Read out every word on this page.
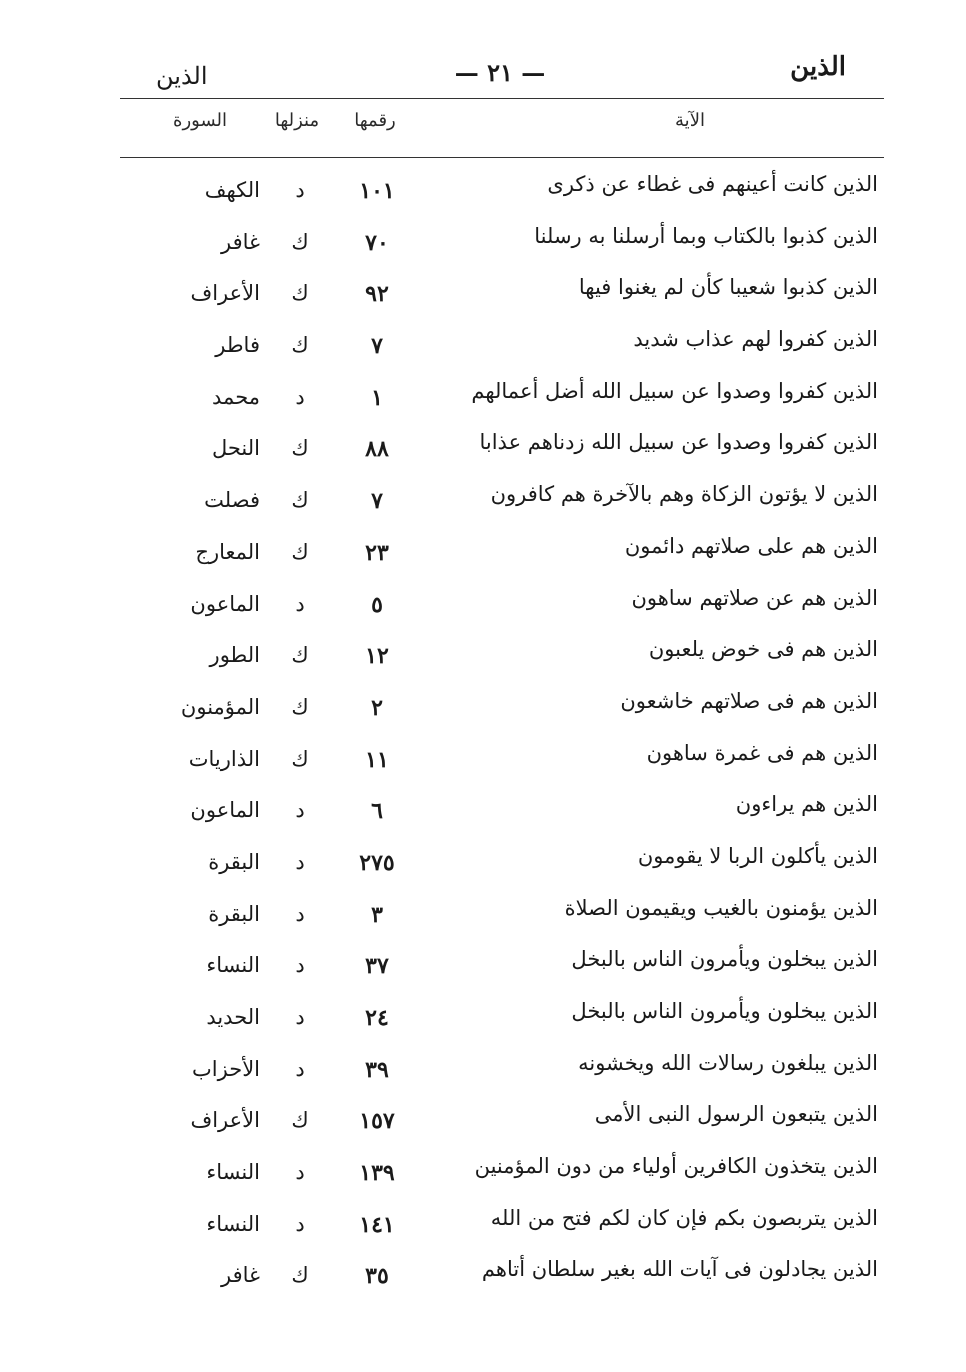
الذين
— ٢١ —
الذين
الآية
رقمها
منزلها
السورة
الذين كانت أعينهم فى غطاء عن ذكرى
١٠١
د
الكهف
الذين كذبوا بالكتاب وبما أرسلنا به رسلنا
٧٠
ك
غافر
الذين كذبوا شعيبا كأن لم يغنوا فيها
٩٢
ك
الأعراف
الذين كفروا لهم عذاب شديد
٧
ك
فاطر
الذين كفروا وصدوا عن سبيل الله أضل أعمالهم
١
د
محمد
الذين كفروا وصدوا عن سبيل الله زدناهم عذابا
٨٨
ك
النحل
الذين لا يؤتون الزكاة وهم بالآخرة هم كافرون
٧
ك
فصلت
الذين هم على صلاتهم دائمون
٢٣
ك
المعارج
الذين هم عن صلاتهم ساهون
٥
د
الماعون
الذين هم فى خوض يلعبون
١٢
ك
الطور
الذين هم فى صلاتهم خاشعون
٢
ك
المؤمنون
الذين هم فى غمرة ساهون
١١
ك
الذاريات
الذين هم يراءون
٦
د
الماعون
الذين يأكلون الربا لا يقومون
٢٧٥
د
البقرة
الذين يؤمنون بالغيب ويقيمون الصلاة
٣
د
البقرة
الذين يبخلون ويأمرون الناس بالبخل
٣٧
د
النساء
الذين يبخلون ويأمرون الناس بالبخل
٢٤
د
الحديد
الذين يبلغون رسالات الله ويخشونه
٣٩
د
الأحزاب
الذين يتبعون الرسول النبى الأمى
١٥٧
ك
الأعراف
الذين يتخذون الكافرين أولياء من دون المؤمنين
١٣٩
د
النساء
الذين يتربصون بكم فإن كان لكم فتح من الله
١٤١
د
النساء
الذين يجادلون فى آيات الله بغير سلطان أتاهم
٣٥
ك
غافر
